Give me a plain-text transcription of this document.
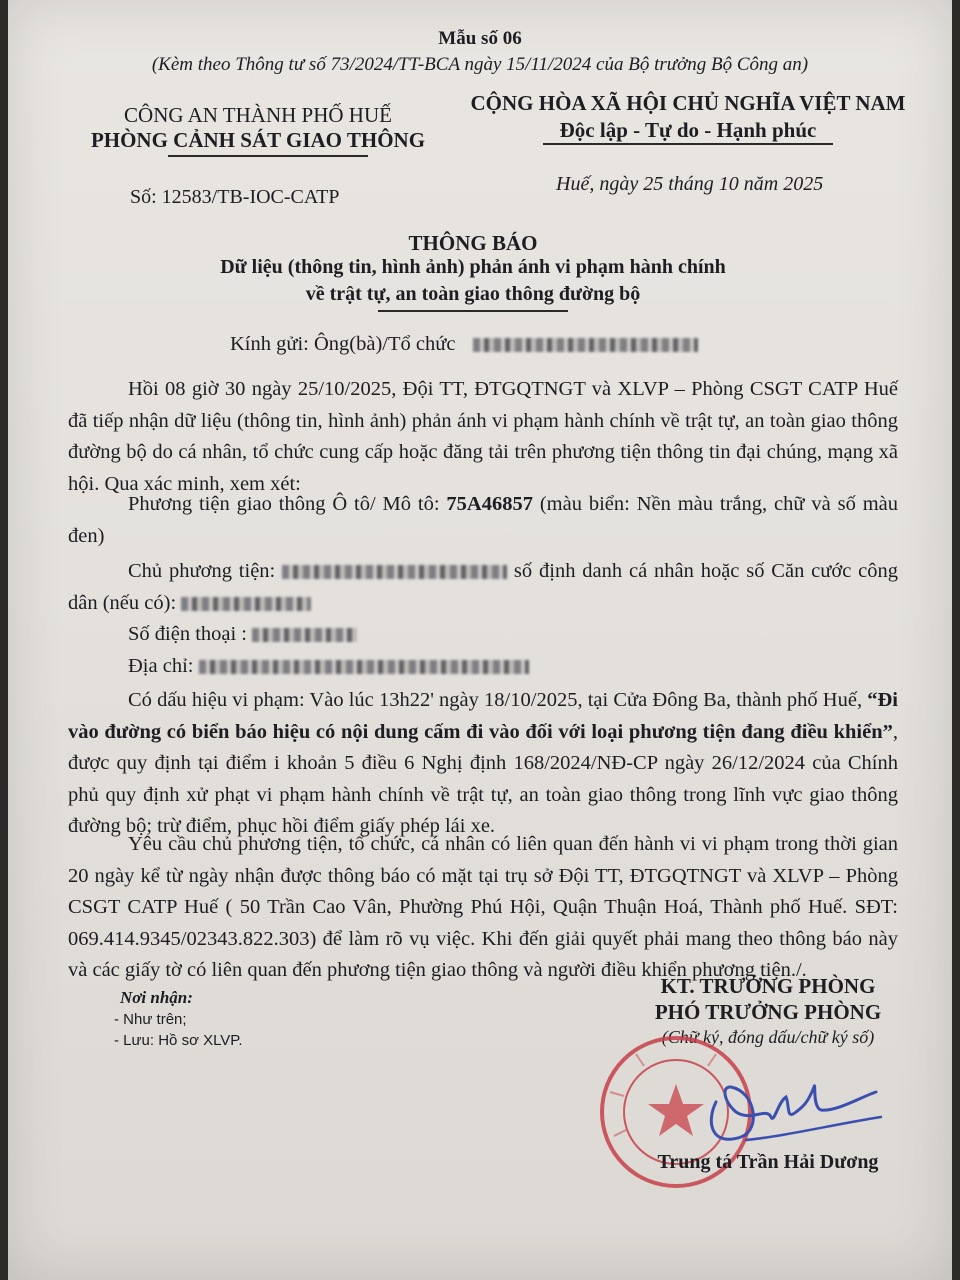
Mẫu số 06
(Kèm theo Thông tư số 73/2024/TT-BCA ngày 15/11/2024 của Bộ trưởng Bộ Công an)
CÔNG AN THÀNH PHỐ HUẾ
PHÒNG CẢNH SÁT GIAO THÔNG
Số: 12583/TB-IOC-CATP
CỘNG HÒA XÃ HỘI CHỦ NGHĨA VIỆT NAM
Độc lập - Tự do - Hạnh phúc
Huế, ngày 25 tháng 10 năm 2025
THÔNG BÁO
Dữ liệu (thông tin, hình ảnh) phản ánh vi phạm hành chính
về trật tự, an toàn giao thông đường bộ
Kính gửi: Ông(bà)/Tổ chức
Hồi 08 giờ 30 ngày 25/10/2025, Đội TT, ĐTGQTNGT và XLVP – Phòng CSGT CATP Huế đã tiếp nhận dữ liệu (thông tin, hình ảnh) phản ánh vi phạm hành chính về trật tự, an toàn giao thông đường bộ do cá nhân, tổ chức cung cấp hoặc đăng tải trên phương tiện thông tin đại chúng, mạng xã hội. Qua xác minh, xem xét:
Phương tiện giao thông Ô tô/ Mô tô: 75A46857 (màu biển: Nền màu trắng, chữ và số màu đen)
Chủ phương tiện:	số định danh cá nhân hoặc số Căn cước công dân (nếu có):
Số điện thoại :
Địa chỉ:
Có dấu hiệu vi phạm: Vào lúc 13h22' ngày 18/10/2025, tại Cửa Đông Ba, thành phố Huế, “Đi vào đường có biển báo hiệu có nội dung cấm đi vào đối với loại phương tiện đang điều khiển”, được quy định tại điểm i khoản 5 điều 6 Nghị định 168/2024/NĐ-CP ngày 26/12/2024 của Chính phủ quy định xử phạt vi phạm hành chính về trật tự, an toàn giao thông trong lĩnh vực giao thông đường bộ; trừ điểm, phục hồi điểm giấy phép lái xe.
Yêu cầu chủ phương tiện, tổ chức, cá nhân có liên quan đến hành vi vi phạm trong thời gian 20 ngày kể từ ngày nhận được thông báo có mặt tại trụ sở Đội TT, ĐTGQTNGT và XLVP – Phòng CSGT CATP Huế ( 50 Trần Cao Vân, Phường Phú Hội, Quận Thuận Hoá, Thành phố Huế. SĐT: 069.414.9345/02343.822.303) để làm rõ vụ việc. Khi đến giải quyết phải mang theo thông báo này và các giấy tờ có liên quan đến phương tiện giao thông và người điều khiển phương tiện./.
Nơi nhận:
- Như trên;
- Lưu: Hồ sơ XLVP.
KT. TRƯỞNG PHÒNG
PHÓ TRƯỞNG PHÒNG
(Chữ ký, đóng dấu/chữ ký số)
Trung tá Trần Hải Dương
